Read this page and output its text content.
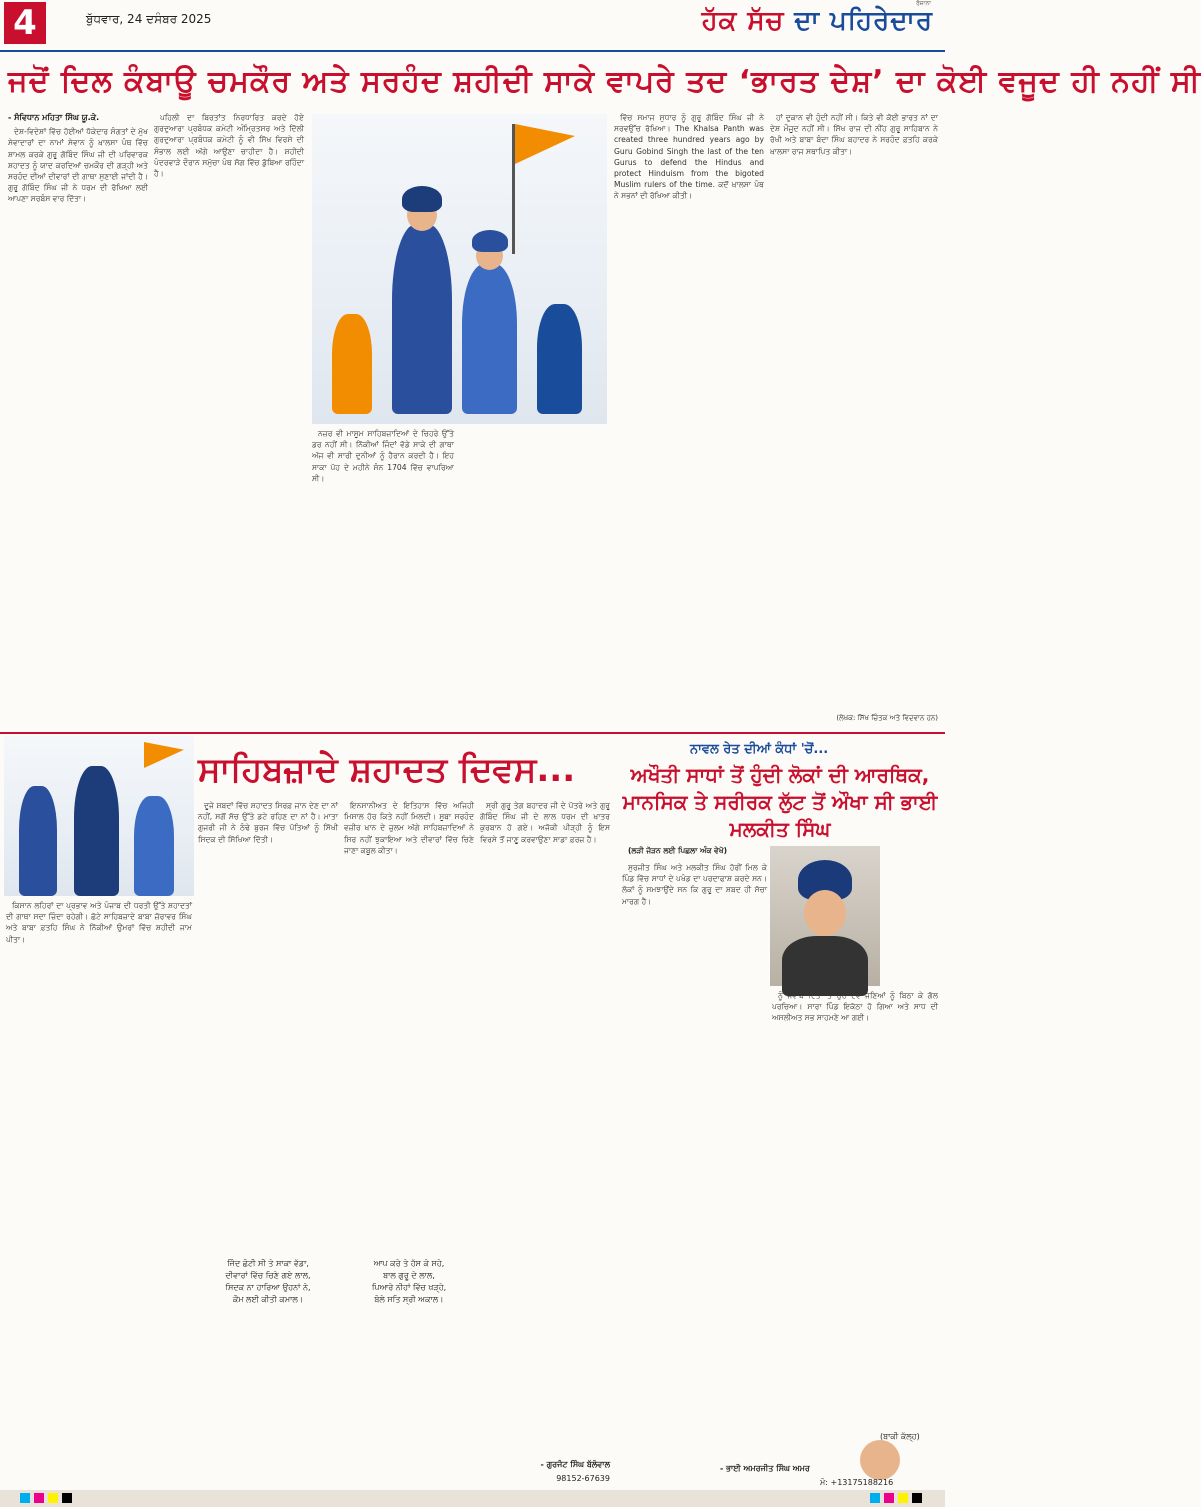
4	ਬੁੱਧਵਾਰ, 24 ਦਸੰਬਰ 2025
ਰੋਜ਼ਾਨਾ
ਹੱਕ ਸੱਚ ਦਾ ਪਹਿਰੇਦਾਰ
ਜਦੋਂ ਦਿਲ ਕੰਬਾਊ ਚਮਕੌਰ ਅਤੇ ਸਰਹੰਦ ਸ਼ਹੀਦੀ ਸਾਕੇ ਵਾਪਰੇ ਤਦ ‘ਭਾਰਤ ਦੇਸ਼’ ਦਾ ਕੋਈ ਵਜੂਦ ਹੀ ਨਹੀਂ ਸੀ
- ਸੰਵਿਧਾਨ ਮਹਿਤਾ ਸਿੰਘ ਯੂ.ਕੇ.

ਦੇਸ਼-ਵਿਦੇਸ਼ਾਂ ਵਿੱਚ ਹੋਈਆਂ ਧੱਕੇਦਾਰ ਸੰਗਤਾਂ ਦੇ ਮੁੱਖ ਸੇਵਾਦਾਰਾਂ ਦਾ ਨਾਮਾਂ ਸੇਵਾਨ ਨੂੰ ਖ਼ਾਲਸਾ ਪੰਥ ਵਿੱਚ ਸ਼ਾਮਲ ਕਰਕੇ ਗੁਰੂ ਗੋਬਿੰਦ ਸਿੰਘ ਜੀ ਦੀ ਪਰਿਵਾਰਕ ਸ਼ਹਾਦਤ ਨੂੰ ਯਾਦ ਕਰਦਿਆਂ ਚਮਕੌਰ ਦੀ ਗੜ੍ਹੀ ਅਤੇ ਸਰਹੰਦ ਦੀਆਂ ਦੀਵਾਰਾਂ ਦੀ ਗਾਥਾ ਸੁਣਾਈ ਜਾਂਦੀ ਹੈ। ਗੁਰੂ ਗੋਬਿੰਦ ਸਿੰਘ ਜੀ ਨੇ ਧਰਮ ਦੀ ਰੱਖਿਆ ਲਈ ਆਪਣਾ ਸਰਬੰਸ ਵਾਰ ਦਿੱਤਾ।

ਪਹਿਲੀ ਦਾ ਬਿਰਤਾਂਤ ਨਿਰਧਾਰਿਤ ਕਰਦੇ ਹੋਏ ਗੁਰਦੁਆਰਾ ਪ੍ਰਬੰਧਕ ਕਮੇਟੀ ਅੰਮ੍ਰਿਤਸਰ ਅਤੇ ਦਿੱਲੀ ਗੁਰਦੁਆਰਾ ਪ੍ਰਬੰਧਕ ਕਮੇਟੀ ਨੂੰ ਵੀ ਸਿੱਖ ਵਿਰਸੇ ਦੀ ਸੰਭਾਲ ਲਈ ਅੱਗੇ ਆਉਣਾ ਚਾਹੀਦਾ ਹੈ। ਸ਼ਹੀਦੀ ਪੰਦਰਵਾੜੇ ਦੌਰਾਨ ਸਮੁੱਚਾ ਪੰਥ ਸੋਗ ਵਿੱਚ ਡੁੱਬਿਆ ਰਹਿੰਦਾ ਹੈ।

ਨਜ਼ਰ ਵੀ ਮਾਸੂਮ ਸਾਹਿਬਜ਼ਾਦਿਆਂ ਦੇ ਚਿਹਰੇ ਉੱਤੇ ਡਰ ਨਹੀਂ ਸੀ। ਨਿੱਕੀਆਂ ਜਿੰਦਾਂ ਵੱਡੇ ਸਾਕੇ ਦੀ ਗਾਥਾ ਅੱਜ ਵੀ ਸਾਰੀ ਦੁਨੀਆਂ ਨੂੰ ਹੈਰਾਨ ਕਰਦੀ ਹੈ। ਇਹ ਸਾਕਾ ਪੋਹ ਦੇ ਮਹੀਨੇ ਸੰਨ 1704 ਵਿੱਚ ਵਾਪਰਿਆ ਸੀ।

ਵਿੱਚ ਸਮਾਜ ਸੁਧਾਰ ਨੂੰ ਗੁਰੂ ਗੋਬਿੰਦ ਸਿੰਘ ਜੀ ਨੇ ਸਰਵਉੱਚ ਰੱਖਿਆ। The Khalsa Panth was created three hundred years ago by Guru Gobind Singh the last of the ten Gurus to defend the Hindus and protect Hinduism from the bigoted Muslim rulers of the time. ਕਦੋਂ ਖ਼ਾਲਸਾ ਪੰਥ ਨੇ ਸਭਨਾਂ ਦੀ ਰੱਖਿਆ ਕੀਤੀ।

ਹਾਂ ਦੁਕਾਨ ਵੀ ਹੁੰਦੀ ਨਹੀਂ ਸੀ। ਕਿਤੇ ਵੀ ਕੋਈ ਭਾਰਤ ਨਾਂ ਦਾ ਦੇਸ਼ ਮੌਜੂਦ ਨਹੀਂ ਸੀ। ਸਿੱਖ ਰਾਜ ਦੀ ਨੀਂਹ ਗੁਰੂ ਸਾਹਿਬਾਨ ਨੇ ਰੱਖੀ ਅਤੇ ਬਾਬਾ ਬੰਦਾ ਸਿੰਘ ਬਹਾਦਰ ਨੇ ਸਰਹੰਦ ਫ਼ਤਹਿ ਕਰਕੇ ਖ਼ਾਲਸਾ ਰਾਜ ਸਥਾਪਿਤ ਕੀਤਾ।

(ਲੇਖਕ: ਸਿੱਖ ਚਿੰਤਕ ਅਤੇ ਵਿਦਵਾਨ ਹਨ)
ਸਾਹਿਬਜ਼ਾਦੇ ਸ਼ਹਾਦਤ ਦਿਵਸ...

ਕਿਸਾਨ ਲਹਿਰਾਂ ਦਾ ਪ੍ਰਭਾਵ ਅਤੇ ਪੰਜਾਬ ਦੀ ਧਰਤੀ ਉੱਤੇ ਸ਼ਹਾਦਤਾਂ ਦੀ ਗਾਥਾ ਸਦਾ ਜ਼ਿੰਦਾ ਰਹੇਗੀ। ਛੋਟੇ ਸਾਹਿਬਜ਼ਾਦੇ ਬਾਬਾ ਜ਼ੋਰਾਵਰ ਸਿੰਘ ਅਤੇ ਬਾਬਾ ਫ਼ਤਹਿ ਸਿੰਘ ਨੇ ਨਿੱਕੀਆਂ ਉਮਰਾਂ ਵਿੱਚ ਸ਼ਹੀਦੀ ਜਾਮ ਪੀਤਾ।

ਦੂਜੇ ਸ਼ਬਦਾਂ ਵਿੱਚ ਸ਼ਹਾਦਤ ਸਿਰਫ਼ ਜਾਨ ਦੇਣ ਦਾ ਨਾਂ ਨਹੀਂ, ਸਗੋਂ ਸੱਚ ਉੱਤੇ ਡਟੇ ਰਹਿਣ ਦਾ ਨਾਂ ਹੈ। ਮਾਤਾ ਗੁਜਰੀ ਜੀ ਨੇ ਠੰਢੇ ਬੁਰਜ ਵਿੱਚ ਪੋਤਿਆਂ ਨੂੰ ਸਿੱਖੀ ਸਿਦਕ ਦੀ ਸਿੱਖਿਆ ਦਿੱਤੀ।

ਇਨਸਾਨੀਅਤ ਦੇ ਇਤਿਹਾਸ ਵਿੱਚ ਅਜਿਹੀ ਮਿਸਾਲ ਹੋਰ ਕਿਤੇ ਨਹੀਂ ਮਿਲਦੀ। ਸੂਬਾ ਸਰਹੰਦ ਵਜ਼ੀਰ ਖ਼ਾਨ ਦੇ ਜ਼ੁਲਮ ਅੱਗੇ ਸਾਹਿਬਜ਼ਾਦਿਆਂ ਨੇ ਸਿਰ ਨਹੀਂ ਝੁਕਾਇਆ ਅਤੇ ਦੀਵਾਰਾਂ ਵਿੱਚ ਚਿਣੇ ਜਾਣਾ ਕਬੂਲ ਕੀਤਾ।

ਸ੍ਰੀ ਗੁਰੂ ਤੇਗ ਬਹਾਦਰ ਜੀ ਦੇ ਪੋਤਰੇ ਅਤੇ ਗੁਰੂ ਗੋਬਿੰਦ ਸਿੰਘ ਜੀ ਦੇ ਲਾਲ ਧਰਮ ਦੀ ਖ਼ਾਤਰ ਕੁਰਬਾਨ ਹੋ ਗਏ। ਅਜੋਕੀ ਪੀੜ੍ਹੀ ਨੂੰ ਇਸ ਵਿਰਸੇ ਤੋਂ ਜਾਣੂ ਕਰਵਾਉਣਾ ਸਾਡਾ ਫ਼ਰਜ਼ ਹੈ।

ਜਿੰਦ ਛੋਟੀ ਸੀ ਤੇ ਸਾਕਾ ਵੱਡਾ,
ਦੀਵਾਰਾਂ ਵਿੱਚ ਚਿਣੇ ਗਏ ਲਾਲ,
ਸਿਦਕ ਨਾ ਹਾਰਿਆ ਉਹਨਾਂ ਨੇ,
ਕੌਮ ਲਈ ਕੀਤੀ ਕਮਾਲ।
ਆਪ ਕਰੇ ਤੇ ਹੱਸ ਕੇ ਸਹੇ,
ਬਾਲ ਗੁਰੂ ਦੇ ਲਾਲ,
ਪਿਆਰੇ ਨੀਹਾਂ ਵਿੱਚ ਖੜ੍ਹੇ,
ਬੋਲੇ ਸਤਿ ਸ੍ਰੀ ਅਕਾਲ।
- ਗੁਰਜੰਟ ਸਿੰਘ ਬੱਲੋਵਾਲ
98152-67639
ਨਾਵਲ ਰੇਤ ਦੀਆਂ ਕੰਧਾਂ 'ਚੋਂ...
ਅਖੌਤੀ ਸਾਧਾਂ ਤੋਂ ਹੁੰਦੀ ਲੋਕਾਂ ਦੀ ਆਰਥਿਕ, ਮਾਨਸਿਕ ਤੇ ਸਰੀਰਕ ਲੁੱਟ ਤੋਂ ਔਖਾ ਸੀ ਭਾਈ ਮਲਕੀਤ ਸਿੰਘ
(ਲੜੀ ਜੋੜਨ ਲਈ ਪਿਛਲਾ ਅੰਕ ਵੇਖੋ)

ਸੁਰਜੀਤ ਸਿੰਘ ਅਤੇ ਮਲਕੀਤ ਸਿੰਘ ਹੋਰੀਂ ਮਿਲ ਕੇ ਪਿੰਡ ਵਿੱਚ ਸਾਧਾਂ ਦੇ ਪਖੰਡ ਦਾ ਪਰਦਾਫਾਸ਼ ਕਰਦੇ ਸਨ। ਲੋਕਾਂ ਨੂੰ ਸਮਝਾਉਂਦੇ ਸਨ ਕਿ ਗੁਰੂ ਦਾ ਸ਼ਬਦ ਹੀ ਸੱਚਾ ਮਾਰਗ ਹੈ।

ਨੂੰ ਜਵਾਬ ਦਿੱਤਾ ਤੇ ਉਹ ਦੋਵੇਂ ਜਣਿਆਂ ਨੂੰ ਬਿਠਾ ਕੇ ਗੱਲ ਪਰਚਿਆ। ਸਾਰਾ ਪਿੰਡ ਇਕੱਠਾ ਹੋ ਗਿਆ ਅਤੇ ਸਾਧ ਦੀ ਅਸਲੀਅਤ ਸਭ ਸਾਹਮਣੇ ਆ ਗਈ।

(ਬਾਕੀ ਕੱਲ੍ਹ)
- ਭਾਈ ਅਮਰਜੀਤ ਸਿੰਘ ਅਮਰ
ਮੋ: +13175188216
